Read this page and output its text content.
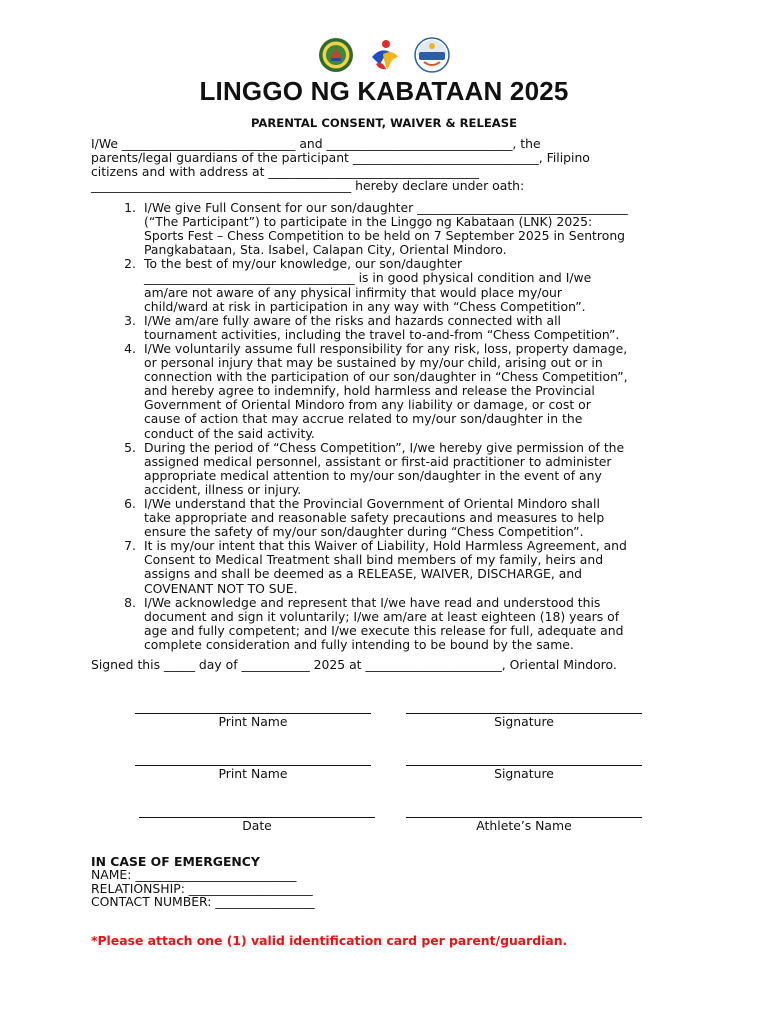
LINGGO NG KABATAAN 2025
PARENTAL CONSENT, WAIVER & RELEASE

I/We ____________________________ and ______________________________, the

parents/legal guardians of the participant ______________________________, Filipino

citizens and with address at __________________________________

__________________________________________ hereby declare under oath:

1. I/We give Full Consent for our son/daughter __________________________________
(“The Participant”) to participate in the Linggo ng Kabataan (LNK) 2025:
Sports Fest – Chess Competition to be held on 7 September 2025 in Sentrong
Pangkabataan, Sta. Isabel, Calapan City, Oriental Mindoro.
2. To the best of my/our knowledge, our son/daughter
__________________________________ is in good physical condition and I/we
am/are not aware of any physical infirmity that would place my/our
child/ward at risk in participation in any way with “Chess Competition”.
3. I/We am/are fully aware of the risks and hazards connected with all
tournament activities, including the travel to-and-from “Chess Competition”.
4. I/We voluntarily assume full responsibility for any risk, loss, property damage,
or personal injury that may be sustained by my/our child, arising out or in
connection with the participation of our son/daughter in “Chess Competition”,
and hereby agree to indemnify, hold harmless and release the Provincial
Government of Oriental Mindoro from any liability or damage, or cost or
cause of action that may accrue related to my/our son/daughter in the
conduct of the said activity.
5. During the period of “Chess Competition”, I/we hereby give permission of the
assigned medical personnel, assistant or first-aid practitioner to administer
appropriate medical attention to my/our son/daughter in the event of any
accident, illness or injury.
6. I/We understand that the Provincial Government of Oriental Mindoro shall
take appropriate and reasonable safety precautions and measures to help
ensure the safety of my/our son/daughter during “Chess Competition”.
7. It is my/our intent that this Waiver of Liability, Hold Harmless Agreement, and
Consent to Medical Treatment shall bind members of my family, heirs and
assigns and shall be deemed as a RELEASE, WAIVER, DISCHARGE, and
COVENANT NOT TO SUE.
8. I/We acknowledge and represent that I/we have read and understood this
document and sign it voluntarily; I/we am/are at least eighteen (18) years of
age and fully competent; and I/we execute this release for full, adequate and
complete consideration and fully intending to be bound by the same.
Signed this _____ day of ___________ 2025 at ______________________, Oriental Mindoro.
Print Name	Signature
Print Name	Signature
Date	Athlete’s Name

IN CASE OF EMERGENCY

NAME: __________________________

RELATIONSHIP: ____________________

CONTACT NUMBER: ________________

*Please attach one (1) valid identification card per parent/guardian.
